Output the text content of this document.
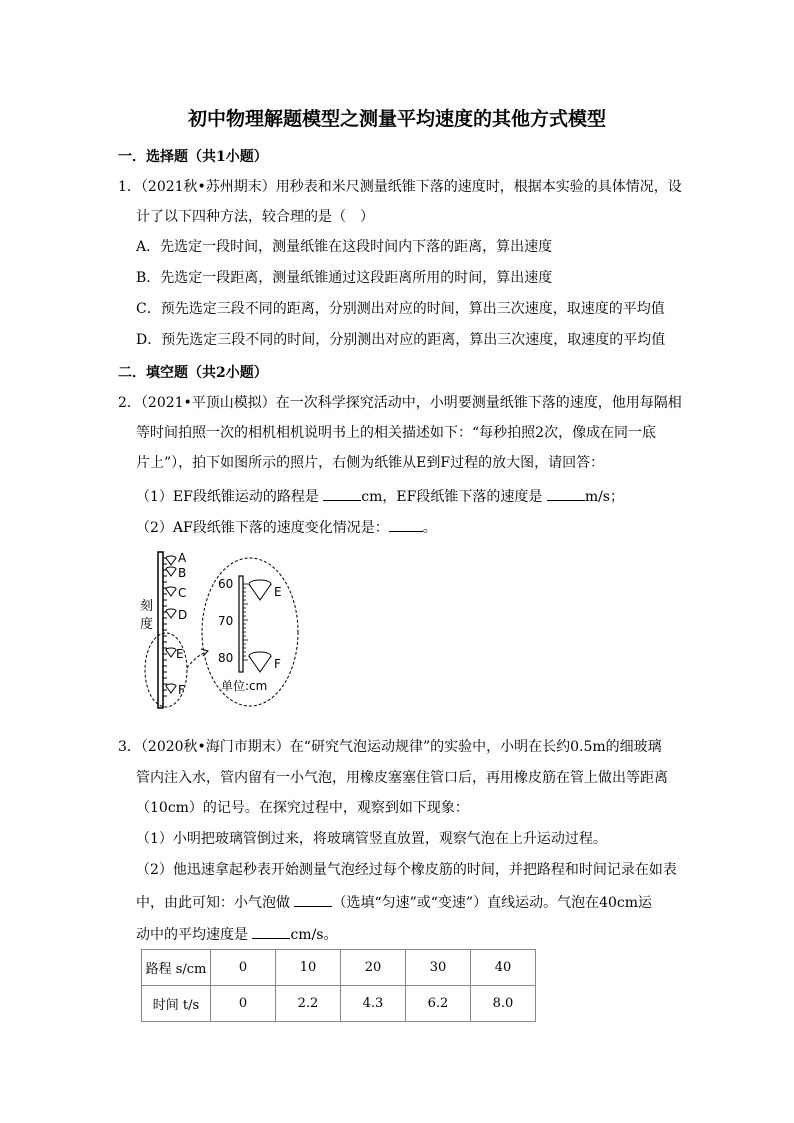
初中物理解题模型之测量平均速度的其他方式模型
一．选择题（共1小题）
1．（2021秋•苏州期末）用秒表和米尺测量纸锥下落的速度时，根据本实验的具体情况，设
计了以下四种方法，较合理的是（　）
A．先选定一段时间，测量纸锥在这段时间内下落的距离，算出速度
B．先选定一段距离，测量纸锥通过这段距离所用的时间，算出速度
C．预先选定三段不同的距离，分别测出对应的时间，算出三次速度，取速度的平均值
D．预先选定三段不同的时间，分别测出对应的距离，算出三次速度，取速度的平均值
二．填空题（共2小题）
2．（2021•平顶山模拟）在一次科学探究活动中，小明要测量纸锥下落的速度，他用每隔相
等时间拍照一次的相机相机说明书上的相关描述如下：“每秒拍照2次，像成在同一底
片上”），拍下如图所示的照片，右侧为纸锥从E到F过程的放大图，请回答：
（1）EF段纸锥运动的路程是	cm，EF段纸锥下落的速度是	m/s；
（2）AF段纸锥下落的速度变化情况是： 。
刻
度
A
B
C
D
E
F
60
70
80
E
F
单位:cm
3．（2020秋•海门市期末）在“研究气泡运动规律”的实验中，小明在长约0.5m的细玻璃
管内注入水，管内留有一小气泡，用橡皮塞塞住管口后，再用橡皮筋在管上做出等距离
（10cm）的记号。在探究过程中，观察到如下现象：
（1）小明把玻璃管倒过来，将玻璃管竖直放置，观察气泡在上升运动过程。
（2）他迅速拿起秒表开始测量气泡经过每个橡皮筋的时间，并把路程和时间记录在如表
中，由此可知：小气泡做	（选填“匀速”或“变速”）直线运动。气泡在40cm运
动中的平均速度是	cm/s。
路程 s/cm	0	10	20	30	40
时间 t/s	0	2.2	4.3	6.2	8.0
